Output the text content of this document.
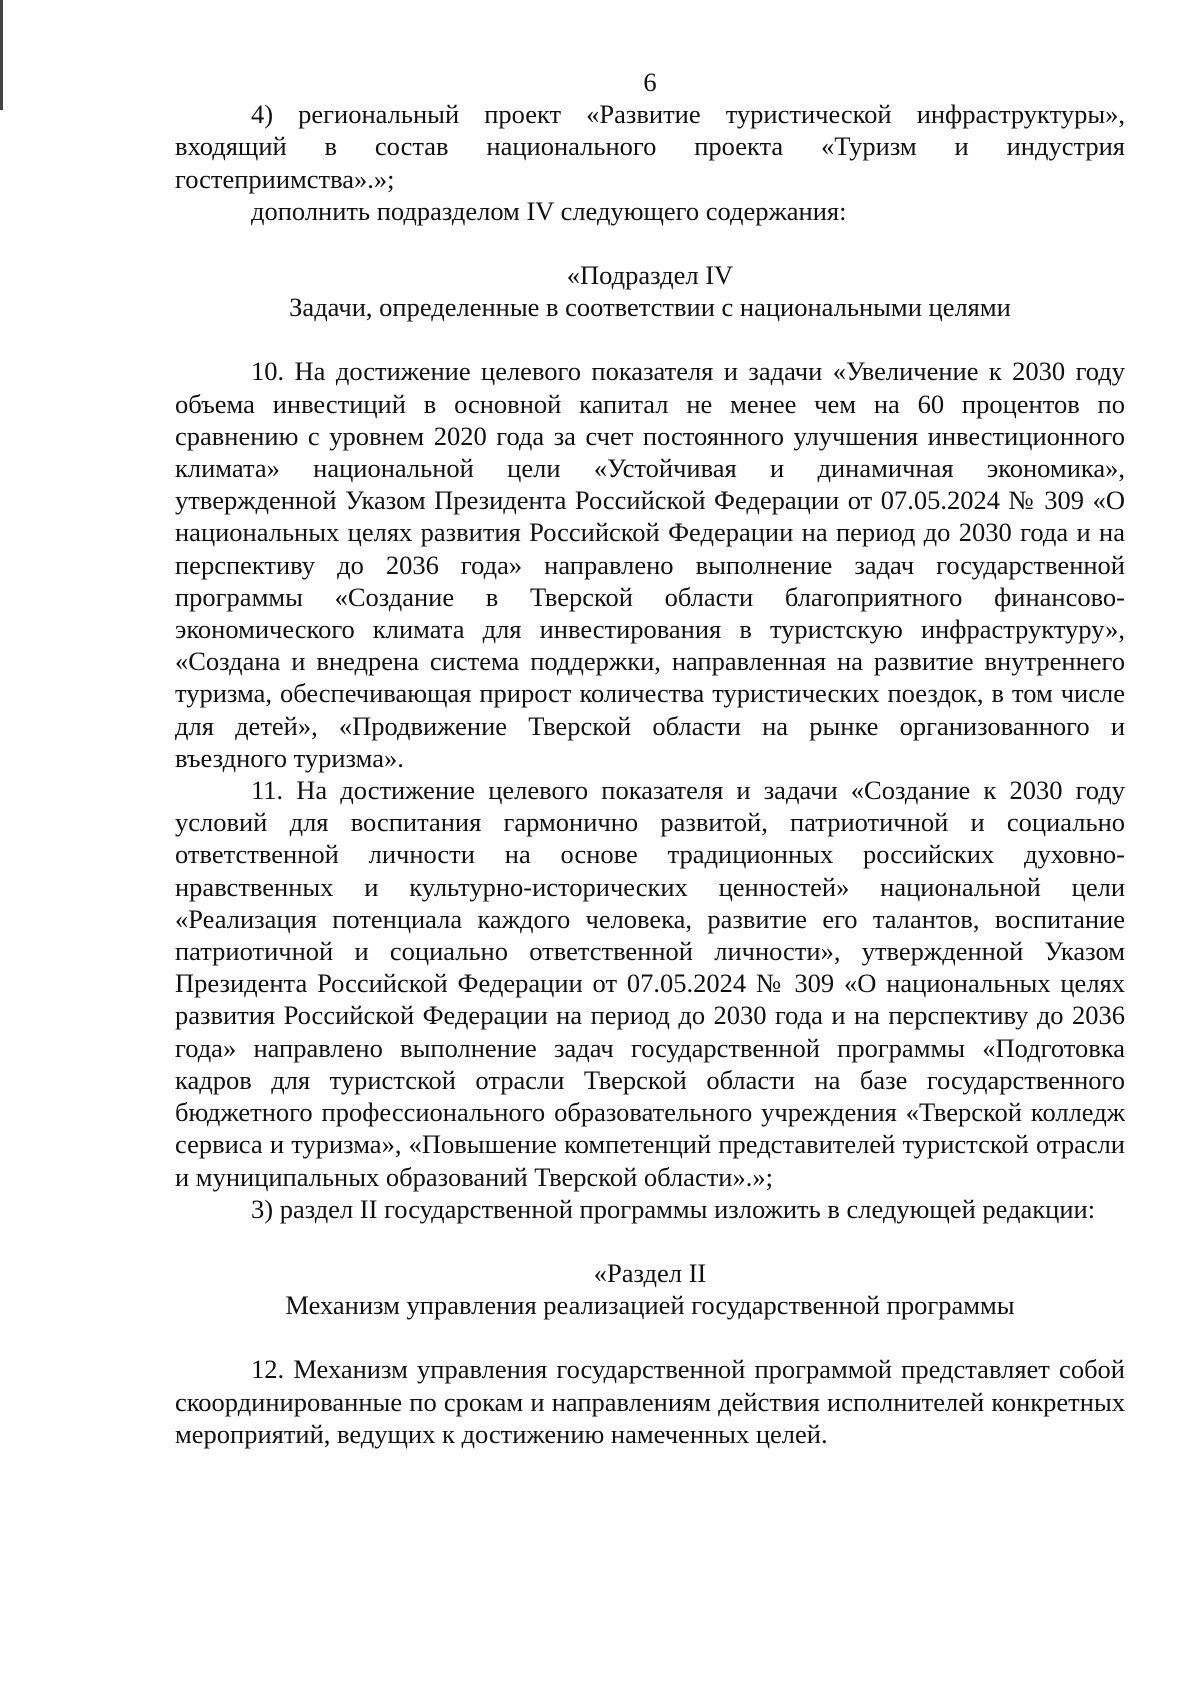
6

4) региональный проект «Развитие туристической инфраструктуры», входящий в состав национального проекта «Туризм и индустрия гостеприимства».»;

дополнить подразделом IV следующего содержания:

«Подраздел IV

Задачи, определенные в соответствии с национальными целями

10. На достижение целевого показателя и задачи «Увеличение к 2030 году объема инвестиций в основной капитал не менее чем на 60 процентов по сравнению с уровнем 2020 года за счет постоянного улучшения инвестиционного климата» национальной цели «Устойчивая и динамичная экономика», утвержденной Указом Президента Российской Федерации от 07.05.2024 № 309 «О национальных целях развития Российской Федерации на период до 2030 года и на перспективу до 2036 года» направлено выполнение задач государственной программы «Создание в Тверской области благоприятного финансово-экономического климата для инвестирования в туристскую инфраструктуру», «Создана и внедрена система поддержки, направленная на развитие внутреннего туризма, обеспечивающая прирост количества туристических поездок, в том числе для детей», «Продвижение Тверской области на рынке организованного и въездного туризма».

11. На достижение целевого показателя и задачи «Создание к 2030 году условий для воспитания гармонично развитой, патриотичной и социально ответственной личности на основе традиционных российских духовно-нравственных и культурно-исторических ценностей» национальной цели «Реализация потенциала каждого человека, развитие его талантов, воспитание патриотичной и социально ответственной личности», утвержденной Указом Президента Российской Федерации от 07.05.2024 № 309 «О национальных целях развития Российской Федерации на период до 2030 года и на перспективу до 2036 года» направлено выполнение задач государственной программы «Подготовка кадров для туристской отрасли Тверской области на базе государственного бюджетного профессионального образовательного учреждения «Тверской колледж сервиса и туризма», «Повышение компетенций представителей туристской отрасли и муниципальных образований Тверской области».»;

3) раздел II государственной программы изложить в следующей редакции:

«Раздел II

Механизм управления реализацией государственной программы

12. Механизм управления государственной программой представляет собой скоординированные по срокам и направлениям действия исполнителей конкретных мероприятий, ведущих к достижению намеченных целей.
